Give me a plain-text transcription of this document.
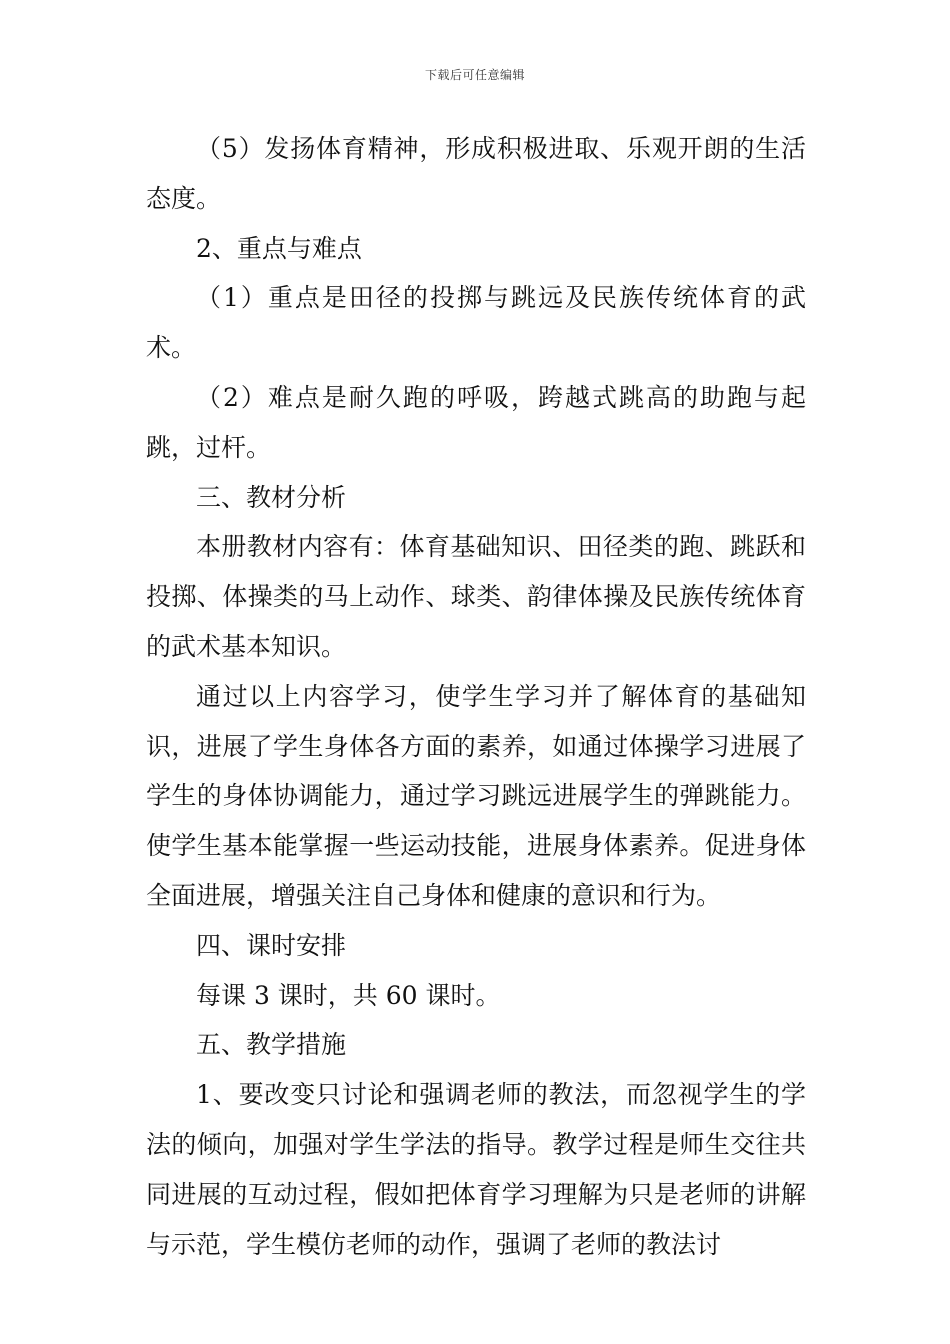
下载后可任意编辑

（5）发扬体育精神，形成积极进取、乐观开朗的生活态度。

2、重点与难点

（1）重点是田径的投掷与跳远及民族传统体育的武术。

（2）难点是耐久跑的呼吸，跨越式跳高的助跑与起跳，过杆。

三、教材分析

本册教材内容有：体育基础知识、田径类的跑、跳跃和投掷、体操类的马上动作、球类、韵律体操及民族传统体育的武术基本知识。

通过以上内容学习，使学生学习并了解体育的基础知识，进展了学生身体各方面的素养，如通过体操学习进展了学生的身体协调能力，通过学习跳远进展学生的弹跳能力。使学生基本能掌握一些运动技能，进展身体素养。促进身体全面进展，增强关注自己身体和健康的意识和行为。

四、课时安排

每课 3 课时，共 60 课时。

五、教学措施

1、要改变只讨论和强调老师的教法，而忽视学生的学法的倾向，加强对学生学法的指导。教学过程是师生交往共同进展的互动过程，假如把体育学习理解为只是老师的讲解与示范，学生模仿老师的动作，强调了老师的教法讨
